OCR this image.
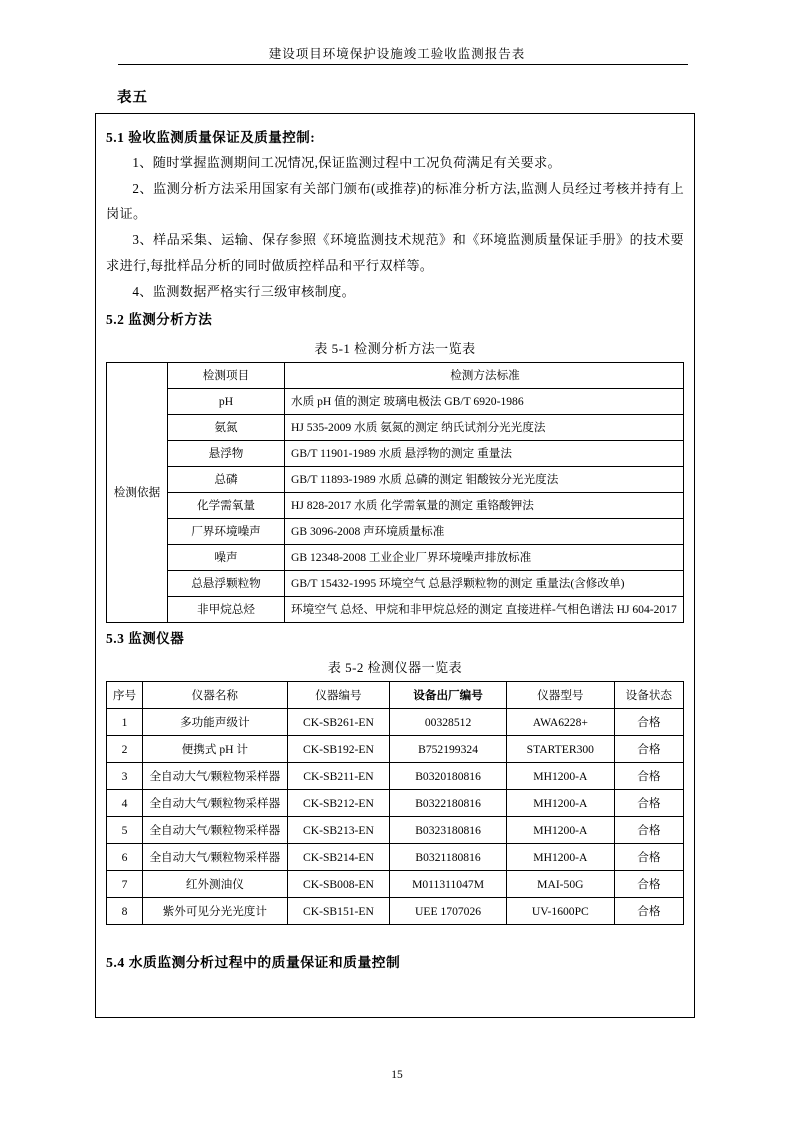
建设项目环境保护设施竣工验收监测报告表
表五
5.1 验收监测质量保证及质量控制:

1、随时掌握监测期间工况情况,保证监测过程中工况负荷满足有关要求。

2、监测分析方法采用国家有关部门颁布(或推荐)的标准分析方法,监测人员经过考核并持有上岗证。

3、样品采集、运输、保存参照《环境监测技术规范》和《环境监测质量保证手册》的技术要求进行,每批样品分析的同时做质控样品和平行双样等。

4、监测数据严格实行三级审核制度。

5.2 监测分析方法
表 5-1 检测分析方法一览表
检测依据	检测项目	检测方法标准
	pH	水质 pH 值的测定 玻璃电极法 GB/T 6920-1986
	氨氮	HJ 535-2009 水质 氨氮的测定 纳氏试剂分光光度法
	悬浮物	GB/T 11901-1989 水质 悬浮物的测定 重量法
	总磷	GB/T 11893-1989 水质 总磷的测定 钼酸铵分光光度法
	化学需氧量	HJ 828-2017 水质 化学需氧量的测定 重铬酸钾法
	厂界环境噪声	GB 3096-2008 声环境质量标准
	噪声	GB 12348-2008 工业企业厂界环境噪声排放标准
	总悬浮颗粒物	GB/T 15432-1995 环境空气 总悬浮颗粒物的测定 重量法(含修改单)
	非甲烷总烃	环境空气 总烃、甲烷和非甲烷总烃的测定 直接进样-气相色谱法 HJ 604-2017
5.3 监测仪器
表 5-2 检测仪器一览表
序号	仪器名称	仪器编号	设备出厂编号	仪器型号	设备状态
1	多功能声级计	CK-SB261-EN	00328512	AWA6228+	合格
2	便携式 pH 计	CK-SB192-EN	B752199324	STARTER300	合格
3	全自动大气/颗粒物采样器	CK-SB211-EN	B0320180816	MH1200-A	合格
4	全自动大气/颗粒物采样器	CK-SB212-EN	B0322180816	MH1200-A	合格
5	全自动大气/颗粒物采样器	CK-SB213-EN	B0323180816	MH1200-A	合格
6	全自动大气/颗粒物采样器	CK-SB214-EN	B0321180816	MH1200-A	合格
7	红外测油仪	CK-SB008-EN	M011311047M	MAI-50G	合格
8	紫外可见分光光度计	CK-SB151-EN	UEE 1707026	UV-1600PC	合格
5.4 水质监测分析过程中的质量保证和质量控制
15
